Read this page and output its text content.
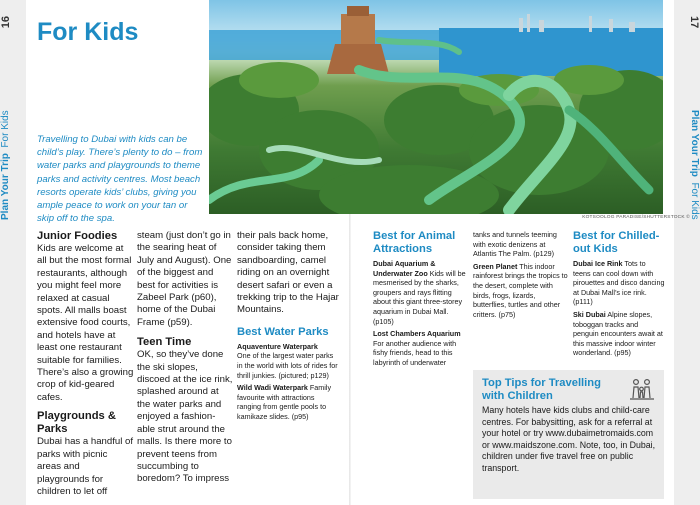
16
Plan Your Trip  For Kids
17
Plan Your Trip  For Kids
For Kids

Travelling to Dubai with kids can be child’s play. There’s plenty to do – from water parks and playgrounds to theme parks and activity centres. Most beach resorts operate kids’ clubs, giving you ample peace to work on your tan or skip off to the spa.	KOTSOOLOG PARADISE/SHUTTERSTOCK ©
Junior Foodies

Kids are welcome at all but the most formal restaurants, although you might feel more relaxed at casual spots. All malls boast extensive food courts, and hotels have at least one restaurant suitable for families. There’s also a growing crop of kid-geared cafes.

Playgrounds & Parks

Dubai has a handful of parks with picnic areas and playgrounds for children to let off

steam (just don’t go in the searing heat of July and August). One of the biggest and best for activities is Zabeel Park (p60), home of the Dubai Frame (p59).

Teen Time

OK, so they’ve done the ski slopes, discoed at the ice rink, splashed around at the water parks and enjoyed a fashion-able strut around the malls. Is there more to prevent teens from succumbing to boredom? To impress

their pals back home, consider taking them sandboarding, camel riding on an overnight desert safari or even a trekking trip to the Hajar Mountains.

Best Water Parks

Aquaventure Waterpark
One of the largest water parks in the world with lots of rides for thrill junkies. (pictured; p129)

Wild Wadi Waterpark Family favourite with attractions ranging from gentle pools to kamikaze slides. (p95)

Best for Animal Attractions

Dubai Aquarium & Underwater Zoo Kids will be mesmerised by the sharks, groupers and rays flitting about this giant three-storey aquarium in Dubai Mall. (p105)

Lost Chambers Aquarium
For another audience with fishy friends, head to this labyrinth of underwater

tanks and tunnels teeming with exotic denizens at Atlantis The Palm. (p129)

Green Planet This indoor rainforest brings the tropics to the desert, complete with birds, frogs, lizards, butterflies, turtles and other critters. (p75)

Best for Chilled-out Kids

Dubai Ice Rink Tots to teens can cool down with pirouettes and disco dancing at Dubai Mall’s ice rink. (p111)

Ski Dubai Alpine slopes, toboggan tracks and penguin encounters await at this massive indoor winter wonderland. (p95)

Top Tips for Travelling with Children

Many hotels have kids clubs and child-care centres. For babysitting, ask for a referral at your hotel or try www.dubaimetromaids.com or www.maidszone.com. Note, too, in Dubai, children under five travel free on public transport.
